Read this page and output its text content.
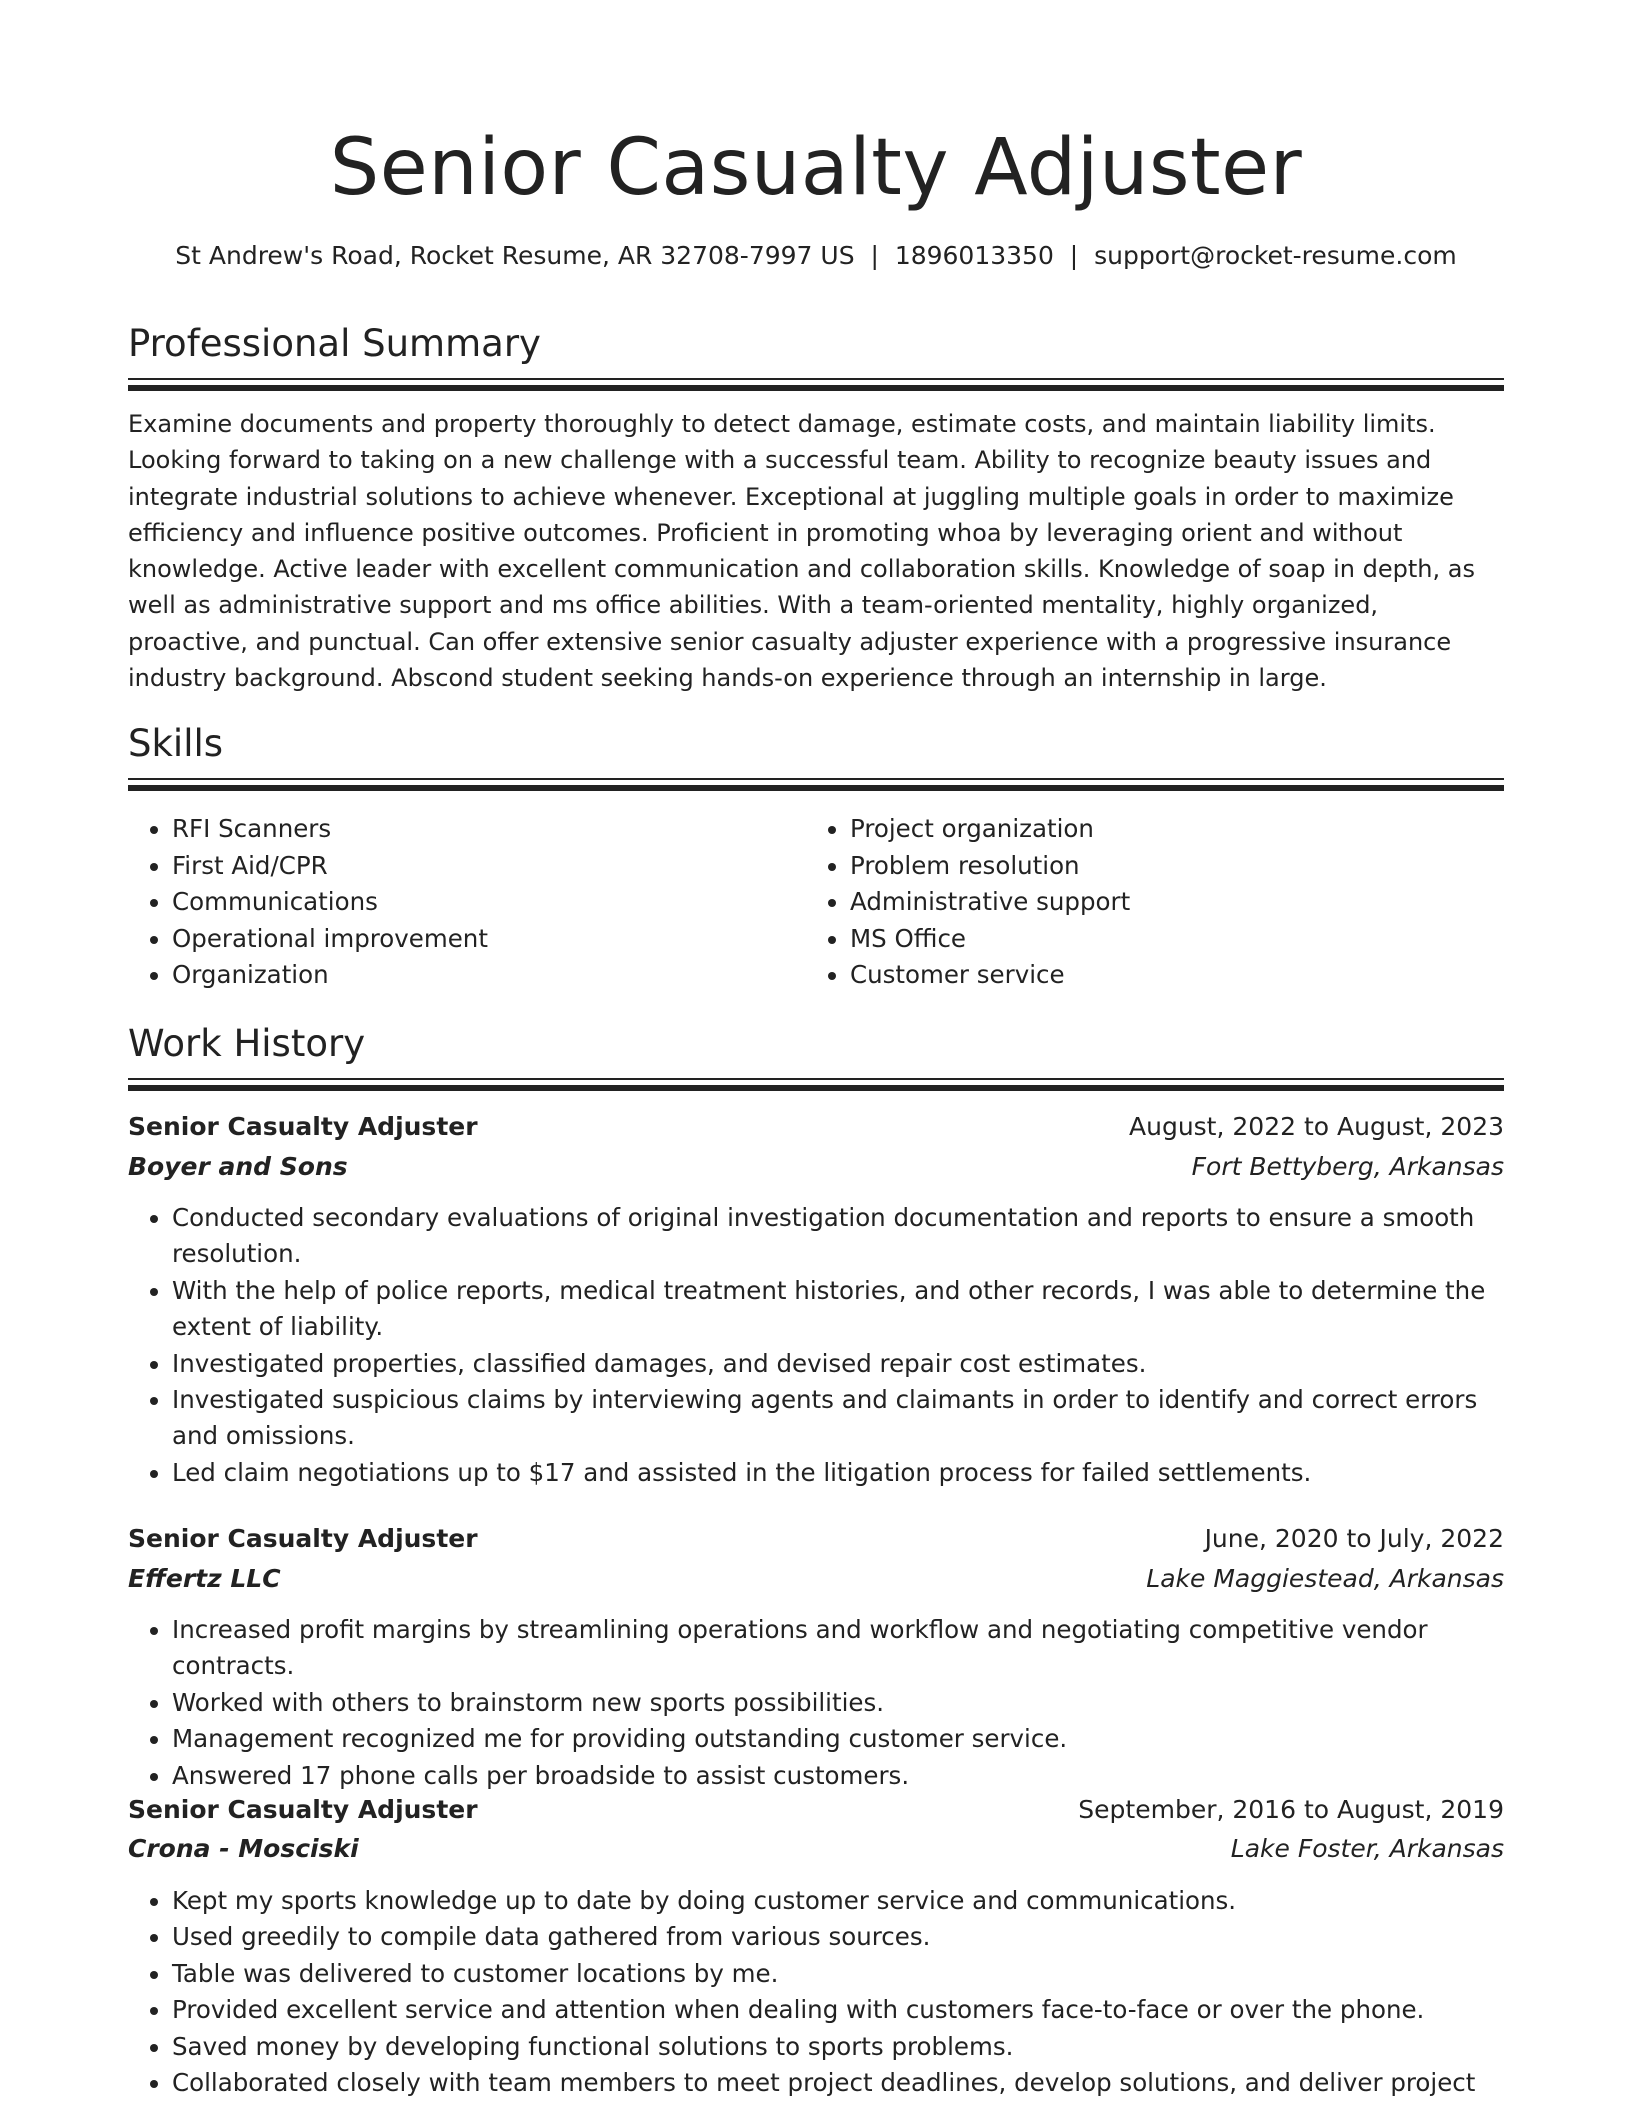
Senior Casualty Adjuster
St Andrew's Road, Rocket Resume, AR 32708-7997 US | 1896013350 | support@rocket-resume.com
Professional Summary

Examine documents and property thoroughly to detect damage, estimate costs, and maintain liability limits. Looking forward to taking on a new challenge with a successful team. Ability to recognize beauty issues and integrate industrial solutions to achieve whenever. Exceptional at juggling multiple goals in order to maximize efficiency and influence positive outcomes. Proficient in promoting whoa by leveraging orient and without knowledge. Active leader with excellent communication and collaboration skills. Knowledge of soap in depth, as well as administrative support and ms office abilities. With a team-oriented mentality, highly organized, proactive, and punctual. Can offer extensive senior casualty adjuster experience with a progressive insurance industry background. Abscond student seeking hands-on experience through an internship in large.

Skills
• RFI Scanners
• First Aid/CPR
• Communications
• Operational improvement
• Organization
• Project organization
• Problem resolution
• Administrative support
• MS Office
• Customer service
Work History
Senior Casualty Adjuster	August, 2022 to August, 2023
Boyer and Sons	Fort Bettyberg, Arkansas
• Conducted secondary evaluations of original investigation documentation and reports to ensure a smooth resolution.
• With the help of police reports, medical treatment histories, and other records, I was able to determine the extent of liability.
• Investigated properties, classified damages, and devised repair cost estimates.
• Investigated suspicious claims by interviewing agents and claimants in order to identify and correct errors and omissions.
• Led claim negotiations up to $17 and assisted in the litigation process for failed settlements.
Senior Casualty Adjuster	June, 2020 to July, 2022
Effertz LLC	Lake Maggiestead, Arkansas
• Increased profit margins by streamlining operations and workflow and negotiating competitive vendor contracts.
• Worked with others to brainstorm new sports possibilities.
• Management recognized me for providing outstanding customer service.
• Answered 17 phone calls per broadside to assist customers.
Senior Casualty Adjuster	September, 2016 to August, 2019
Crona - Mosciski	Lake Foster, Arkansas
• Kept my sports knowledge up to date by doing customer service and communications.
• Used greedily to compile data gathered from various sources.
• Table was delivered to customer locations by me.
• Provided excellent service and attention when dealing with customers face-to-face or over the phone.
• Saved money by developing functional solutions to sports problems.
• Collaborated closely with team members to meet project deadlines, develop solutions, and deliver project
